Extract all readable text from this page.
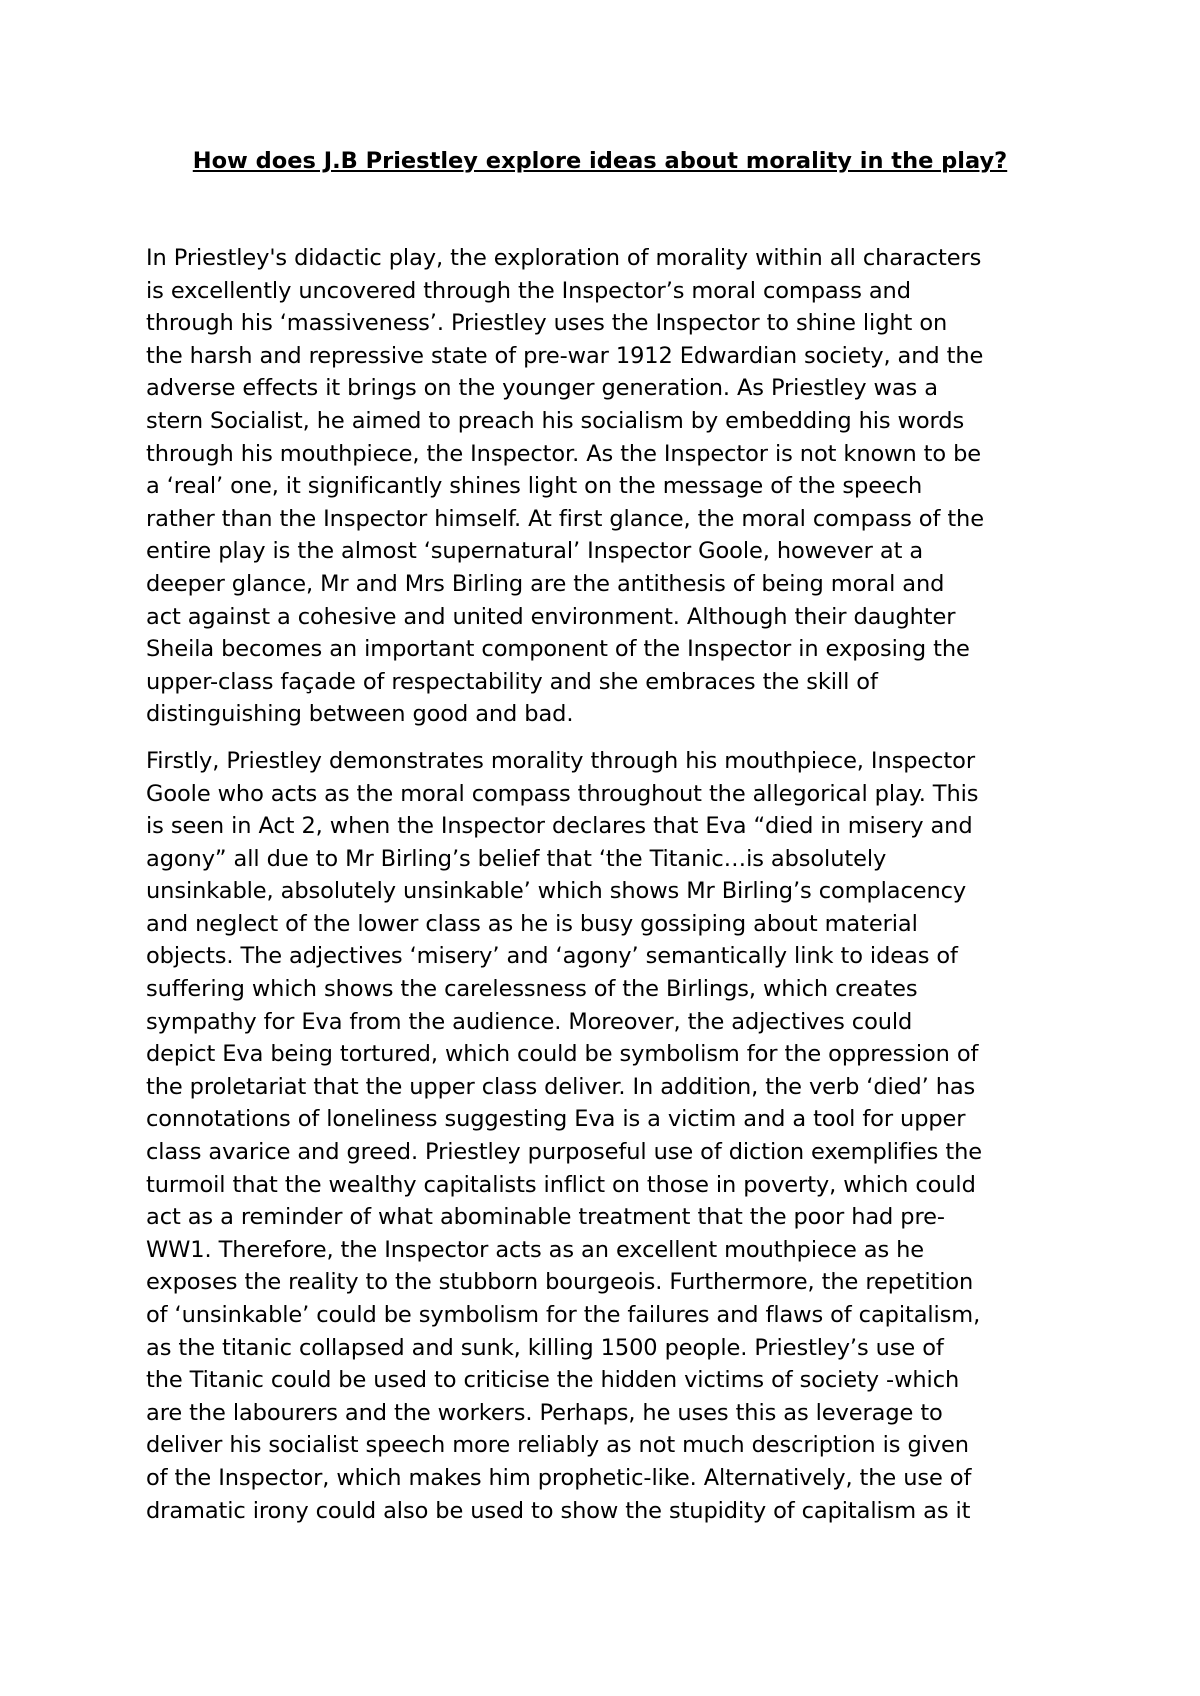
How does J.B Priestley explore ideas about morality in the play?

In Priestley's didactic play, the exploration of morality within all characters
is excellently uncovered through the Inspector’s moral compass and
through his ‘massiveness’. Priestley uses the Inspector to shine light on
the harsh and repressive state of pre-war 1912 Edwardian society, and the
adverse effects it brings on the younger generation. As Priestley was a
stern Socialist, he aimed to preach his socialism by embedding his words
through his mouthpiece, the Inspector. As the Inspector is not known to be
a ‘real’ one, it significantly shines light on the message of the speech
rather than the Inspector himself. At first glance, the moral compass of the
entire play is the almost ‘supernatural’ Inspector Goole, however at a
deeper glance, Mr and Mrs Birling are the antithesis of being moral and
act against a cohesive and united environment. Although their daughter
Sheila becomes an important component of the Inspector in exposing the
upper-class façade of respectability and she embraces the skill of
distinguishing between good and bad.

Firstly, Priestley demonstrates morality through his mouthpiece, Inspector
Goole who acts as the moral compass throughout the allegorical play. This
is seen in Act 2, when the Inspector declares that Eva “died in misery and
agony” all due to Mr Birling’s belief that ‘the Titanic…is absolutely
unsinkable, absolutely unsinkable’ which shows Mr Birling’s complacency
and neglect of the lower class as he is busy gossiping about material
objects. The adjectives ‘misery’ and ‘agony’ semantically link to ideas of
suffering which shows the carelessness of the Birlings, which creates
sympathy for Eva from the audience. Moreover, the adjectives could
depict Eva being tortured, which could be symbolism for the oppression of
the proletariat that the upper class deliver. In addition, the verb ‘died’ has
connotations of loneliness suggesting Eva is a victim and a tool for upper
class avarice and greed. Priestley purposeful use of diction exemplifies the
turmoil that the wealthy capitalists inflict on those in poverty, which could
act as a reminder of what abominable treatment that the poor had pre-
WW1. Therefore, the Inspector acts as an excellent mouthpiece as he
exposes the reality to the stubborn bourgeois. Furthermore, the repetition
of ‘unsinkable’ could be symbolism for the failures and flaws of capitalism,
as the titanic collapsed and sunk, killing 1500 people. Priestley’s use of
the Titanic could be used to criticise the hidden victims of society -which
are the labourers and the workers. Perhaps, he uses this as leverage to
deliver his socialist speech more reliably as not much description is given
of the Inspector, which makes him prophetic-like. Alternatively, the use of
dramatic irony could also be used to show the stupidity of capitalism as it
